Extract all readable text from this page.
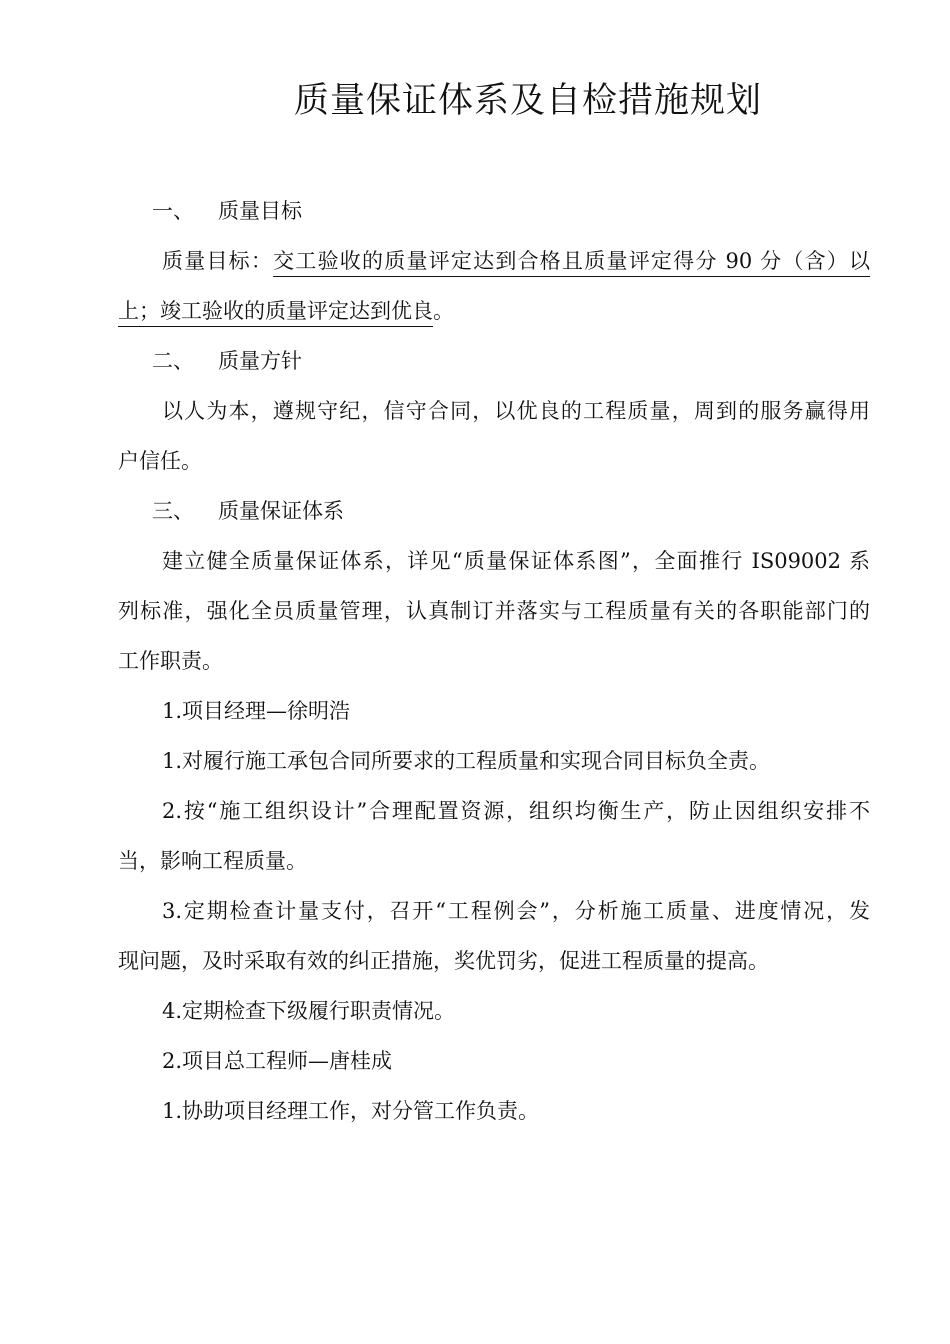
质量保证体系及自检措施规划
一、 质量目标
质量目标：交工验收的质量评定达到合格且质量评定得分 90 分（含）以
上；竣工验收的质量评定达到优良。
二、 质量方针
以人为本，遵规守纪，信守合同，以优良的工程质量，周到的服务赢得用
户信任。
三、 质量保证体系
建立健全质量保证体系，详见“质量保证体系图”，全面推行 IS09002 系
列标准，强化全员质量管理，认真制订并落实与工程质量有关的各职能部门的
工作职责。
1.项目经理—徐明浩
1.对履行施工承包合同所要求的工程质量和实现合同目标负全责。
2.按“施工组织设计”合理配置资源，组织均衡生产，防止因组织安排不
当，影响工程质量。
3.定期检查计量支付，召开“工程例会”，分析施工质量、进度情况，发
现问题，及时采取有效的纠正措施，奖优罚劣，促进工程质量的提高。
4.定期检查下级履行职责情况。
2.项目总工程师—唐桂成
1.协助项目经理工作，对分管工作负责。
